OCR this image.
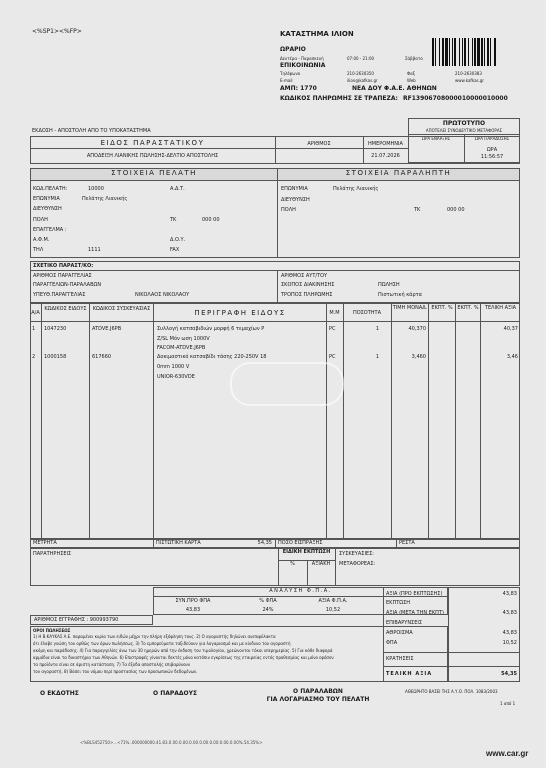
<%SP1><%FP>	ΚΑΤΑΣΤΗΜΑ ΙΛΙΟΝ
ΩΡΑΡΙΟ
Δευτέρα - Παρασκευή	07:00 - 21:00	Σάββατο
ΕΠΙΚΟΙΝΩΝΙΑ
Τηλέφωνο	210-2630350	Φαξ	210-2630383
E-mail	ilion@kafkas.gr	Web	www.kafkas.gr
ΑΜΠ: 1770	ΝΕΑ ΔΟΥ Φ.Α.Ε. ΑΘΗΝΩΝ
ΚΩΔΙΚΟΣ ΠΛΗΡΩΜΗΣ ΣΕ ΤΡΑΠΕΖΑ: RF13906708000010000010000
ΠΡΩΤΟΤΥΠΟ
ΑΠΟΤΕΛΕΙ ΣΥΝΟΔΕΥΤΙΚΟ ΜΕΤΑΦΟΡΑΣ
ΩΡΑ ΕΝΑΡΞΗΣ	ΩΡΑ ΠΑΡΑΔΟΣΗΣ
ΕΚΔΟΣΗ - ΑΠΟΣΤΟΛΗ ΑΠΟ ΤΟ ΥΠΟΚΑΤΑΣΤΗΜΑ
ΕΙΔΟΣ ΠΑΡΑΣΤΑΤΙΚΟΥ
ΑΠΟΔΕΙΞΗ ΛΙΑΝΙΚΗΣ ΠΩΛΗΣΗΣ-ΔΕΛΤΙΟ ΑΠΟΣΤΟΛΗΣ
ΑΡΙΘΜΟΣ	ΗΜΕΡΟΜΗΝΙΑ
21.07.2026
ΩΡΑ
11:56:57
ΣΤΟΙΧΕΙΑ ΠΕΛΑΤΗ	ΣΤΟΙΧΕΙΑ ΠΑΡΑΛΗΠΤΗ
ΚΩΔ.ΠΕΛΑΤΗ:	10000	Α.Δ.Τ.
ΕΠΩΝΥΜΙΑ	Πελάτης Λιανικής
ΔΙΕΥΘΥΝΣΗ
ΠΟΛΗ	ΤΚ	000 00
ΕΠΑΓΓΕΛΜΑ :
Α.Φ.Μ.	Δ.Ο.Υ.
ΤΗΛ	1111	FAX
ΕΠΩΝΥΜΙΑ	Πελάτης Λιανικής
ΔΙΕΥΘΥΝΣΗ
ΠΟΛΗ	ΤΚ	000 00
ΣΧΕΤΙΚΟ ΠΑΡΑΣΤ/ΚΟ:
ΑΡΙΘΜΟΣ ΠΑΡΑΓΓΕΛΙΑΣ
ΠΑΡΑΓΓΕΛΙΩΝ-ΠΑΡΑΛΑΒΩΝ
ΥΠΕΥΘ.ΠΑΡΑΓΓΕΛΙΑΣ	ΝΙΚΟΛΑΟΣ ΝΙΚΟΛΑΟΥ
ΑΡΙΘΜΟΣ ΑΥΤ/ΤΟΥ
ΣΚΟΠΟΣ ΔΙΑΚΙΝΗΣΗΣ	ΠΩΛΗΣΗ
ΤΡΟΠΟΣ ΠΛΗΡΩΜΗΣ	Πιστωτική κάρτα
Α/Α
ΚΩΔΙΚΟΣ ΕΙΔΟΥΣ	ΚΩΔΙΚΟΣ ΣΥΣΚΕΥΑΣΙΑΣ	ΠΕΡΙΓΡΑΦΗ ΕΙΔΟΥΣ	Μ.Μ	ΠΟΣΟΤΗΤΑ
ΤΙΜΗ ΜΟΝΑΔ. ΕΚΠΤ. % ΕΚΠΤ. %	ΤΕΛΙΚΗ ΑΞΙΑ
1 1047230	ATDVE.J6PB	Συλλογή κατσαβιδιών μορφή 6 τεμαχίων P
Z/SL Μόν ωση 1000V
FACOM-ATDVE.J6PB
PC	1	40,370	40,37
2 1000158	617660	Δοκιμαστικό κατσαβίδι τάσης 220-250V 18
0mm 1000 V
UNIOR-630VDE
PC	1	3,460	3,46
ΜΕΤΡΗΤΑ	ΠΙΣΤΩΤΙΚΗ ΚΑΡΤΑ	54,35 ΠΟΣΟ ΕΙΣΠΡΑΞΗΣ	ΡΕΣΤΑ
ΠΑΡΑΤΗΡΗΣΕΙΣ	ΕΙΔΙΚΗ ΕΚΠΤΩΣΗ
%	ΑΞΙΑΚΗ
ΣΥΣΚΕΥΑΣΙΕΣ:
ΜΕΤΑΦΟΡΕΑΣ:
ΑΝΑΛΥΣΗ Φ.Π.Α.
ΣΥΝ.ΠΡΟ ΦΠΑ	% ΦΠΑ	ΑΞΙΑ Φ.Π.Α.
43,83	24%	10,52
ΑΡΙΘΜΟΣ ΕΓΓΡΑΦΗΣ : 900993790
ΟΡΟΙ ΠΩΛΗΣΕΩΣ
1) Η Β.ΚΑΥΚΑΣ Α.Ε. παραμένει κυρία των ειδών μέχρι την πλήρη εξόφληση τους. 2) Ο αγοραστής δηλώνει ανεπιφύλακτα
ότι έλαβε γνώση του ορθώς των όρων πωλήσεως. 3) Το εμπορεύματα ταξιδεύουν για λογαριασμό και με κίνδυνο του αγοραστή
ακόμη και παράδοσης. 4) Για παραγγελίες άνω των 30 ημερών από την έκδοση του τιμολογίου, χρεώνονται τόκοι υπερημερίας. 5) Για κάθε διαφορά
αρμόδια είναι τα δικαστήρια των Αθηνών. 6) Επιστροφές γίνονται δεκτές μόνο κατόπιν εγκρίσεως της εταιρείας εντός προθεσμίας και μόνο εφόσον
τα προϊόντα είναι σε άριστη κατάσταση. 7) Τα έξοδα αποστολής επιβαρύνουν
τον αγοραστή. 8) Βάσει του νόμου περί προστασίας των προσωπικών δεδομένων.
ΑΞΙΑ (ΠΡΟ ΕΚΠΤΩΣΗΣ)	43,83
ΕΚΠΤΩΣΗ
ΑΞΙΑ (ΜΕΤΑ ΤΗΝ ΕΚΠΤ)	43,83
ΕΠΙΒΑΡΥΝΣΕΙΣ
ΑΘΡΟΙΣΜΑ	43,83
ΦΠΑ	10,52
ΚΡΑΤΗΣΕΙΣ
ΤΕΛΙΚΗ ΑΞΙΑ	54,35
Ο ΕΚΔΟΤΗΣ	Ο ΠΑΡΑΔΟΥΣ	Ο ΠΑΡΑΛΑΒΩΝ
ΓΙΑ ΛΟΓΑΡΙΑΣΜΟ ΤΟΥ ΠΕΛΑΤΗ
ΑΘΕΩΡΗΤΟ ΒΑΣΕΙ ΤΗΣ Α.Υ.Ο. ΠΟΛ. 1083/2003
1 από 1
<%BLS452750>...<71%..000000000.41.83.0.00.0.00.0.00.0.00.0.00.0.00.0.00%.54.35%>
www.car.gr
